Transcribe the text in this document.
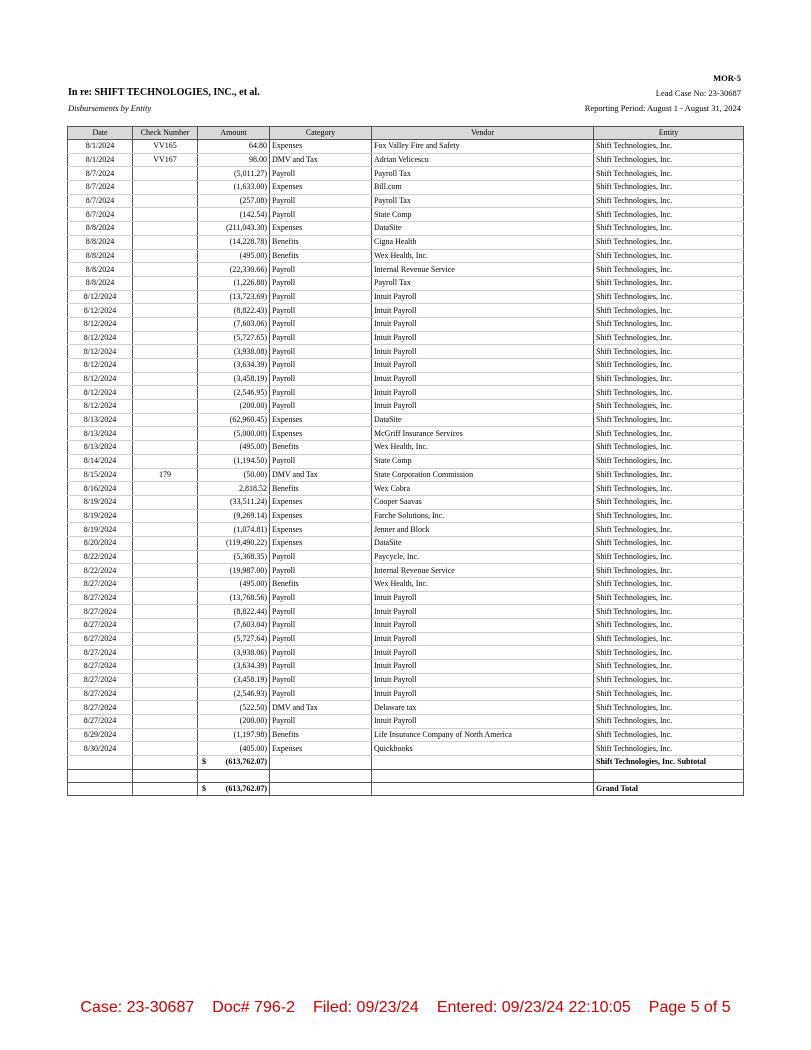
MOR-5
In re: SHIFT TECHNOLOGIES, INC., et al.	Lead Case No: 23-30687
Disbursements by Entity	Reporting Period: August 1 - August 31, 2024
Date	Check Number	Amount	Category	Vendor	Entity
8/1/2024	VV165	64.80	Expenses	Fox Valley Fire and Safety	Shift Technologies, Inc.
8/1/2024	VV167	98.00	DMV and Tax	Adrian Velicescu	Shift Technologies, Inc.
8/7/2024		(5,011.27)	Payroll	Payroll Tax	Shift Technologies, Inc.
8/7/2024		(1,633.00)	Expenses	Bill.com	Shift Technologies, Inc.
8/7/2024		(257.08)	Payroll	Payroll Tax	Shift Technologies, Inc.
8/7/2024		(142.54)	Payroll	State Comp	Shift Technologies, Inc.
8/8/2024		(211,043.30)	Expenses	DataSite	Shift Technologies, Inc.
8/8/2024		(14,228.78)	Benefits	Cigna Health	Shift Technologies, Inc.
8/8/2024		(495.00)	Benefits	Wex Health, Inc.	Shift Technologies, Inc.
8/8/2024		(22,330.66)	Payroll	Internal Revenue Service	Shift Technologies, Inc.
8/8/2024		(1,226.88)	Payroll	Payroll Tax	Shift Technologies, Inc.
8/12/2024		(13,723.69)	Payroll	Intuit Payroll	Shift Technologies, Inc.
8/12/2024		(8,822.43)	Payroll	Intuit Payroll	Shift Technologies, Inc.
8/12/2024		(7,603.06)	Payroll	Intuit Payroll	Shift Technologies, Inc.
8/12/2024		(5,727.65)	Payroll	Intuit Payroll	Shift Technologies, Inc.
8/12/2024		(3,938.08)	Payroll	Intuit Payroll	Shift Technologies, Inc.
8/12/2024		(3,634.39)	Payroll	Intuit Payroll	Shift Technologies, Inc.
8/12/2024		(3,458.19)	Payroll	Intuit Payroll	Shift Technologies, Inc.
8/12/2024		(2,546.95)	Payroll	Intuit Payroll	Shift Technologies, Inc.
8/12/2024		(200.00)	Payroll	Intuit Payroll	Shift Technologies, Inc.
8/13/2024		(62,960.45)	Expenses	DataSite	Shift Technologies, Inc.
8/13/2024		(5,000.00)	Expenses	McGriff Insurance Services	Shift Technologies, Inc.
8/13/2024		(495.00)	Benefits	Wex Health, Inc.	Shift Technologies, Inc.
8/14/2024		(1,194.50)	Payroll	State Comp	Shift Technologies, Inc.
8/15/2024	179	(50.00)	DMV and Tax	State Corporation Commission	Shift Technologies, Inc.
8/16/2024		2,818.52	Benefits	Wex Cobra	Shift Technologies, Inc.
8/19/2024		(33,511.24)	Expenses	Cooper Saavas	Shift Technologies, Inc.
8/19/2024		(9,269.14)	Expenses	Farche Solutions, Inc.	Shift Technologies, Inc.
8/19/2024		(1,074.81)	Expenses	Jenner and Block	Shift Technologies, Inc.
8/20/2024		(119,490.22)	Expenses	DataSite	Shift Technologies, Inc.
8/22/2024		(5,368.35)	Payroll	Paycycle, Inc.	Shift Technologies, Inc.
8/22/2024		(19,987.00)	Payroll	Internal Revenue Service	Shift Technologies, Inc.
8/27/2024		(495.00)	Benefits	Wex Health, Inc.	Shift Technologies, Inc.
8/27/2024		(13,768.56)	Payroll	Intuit Payroll	Shift Technologies, Inc.
8/27/2024		(8,822.44)	Payroll	Intuit Payroll	Shift Technologies, Inc.
8/27/2024		(7,603.04)	Payroll	Intuit Payroll	Shift Technologies, Inc.
8/27/2024		(5,727.64)	Payroll	Intuit Payroll	Shift Technologies, Inc.
8/27/2024		(3,938.06)	Payroll	Intuit Payroll	Shift Technologies, Inc.
8/27/2024		(3,634.39)	Payroll	Intuit Payroll	Shift Technologies, Inc.
8/27/2024		(3,458.19)	Payroll	Intuit Payroll	Shift Technologies, Inc.
8/27/2024		(2,546.93)	Payroll	Intuit Payroll	Shift Technologies, Inc.
8/27/2024		(522.50)	DMV and Tax	Delaware tax	Shift Technologies, Inc.
8/27/2024		(200.00)	Payroll	Intuit Payroll	Shift Technologies, Inc.
8/29/2024		(1,197.98)	Benefits	Life Insurance Company of North America	Shift Technologies, Inc.
8/30/2024		(405.00)	Expenses	Quickbooks	Shift Technologies, Inc.

		$ (613,762.07)			Shift Technologies, Inc. Subtotal

		$ (613,762.07)			Grand Total
Case: 23-30687 Doc# 796-2 Filed: 09/23/24 Entered: 09/23/24 22:10:05 Page 5 of 5
